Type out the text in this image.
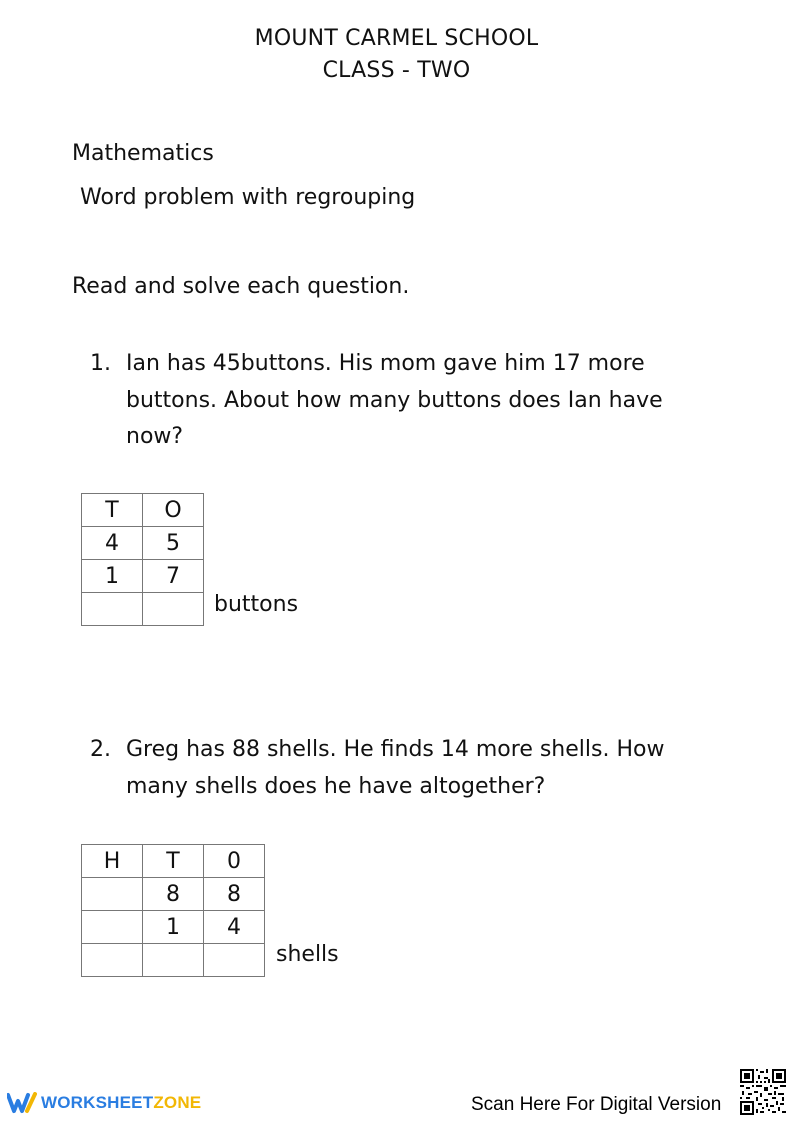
MOUNT CARMEL SCHOOL
CLASS - TWO
Mathematics
Word problem with regrouping
Read and solve each question.
1. Ian has 45buttons. His mom gave him 17 more
buttons. About how many buttons does Ian have
now?
T	O
4	5
1	7

buttons
2. Greg has 88 shells. He finds 14 more shells. How
many shells does he have altogether?
H	T	0
	8	8
	1	4

shells
WORKSHEETZONE	Scan Here For Digital Version
